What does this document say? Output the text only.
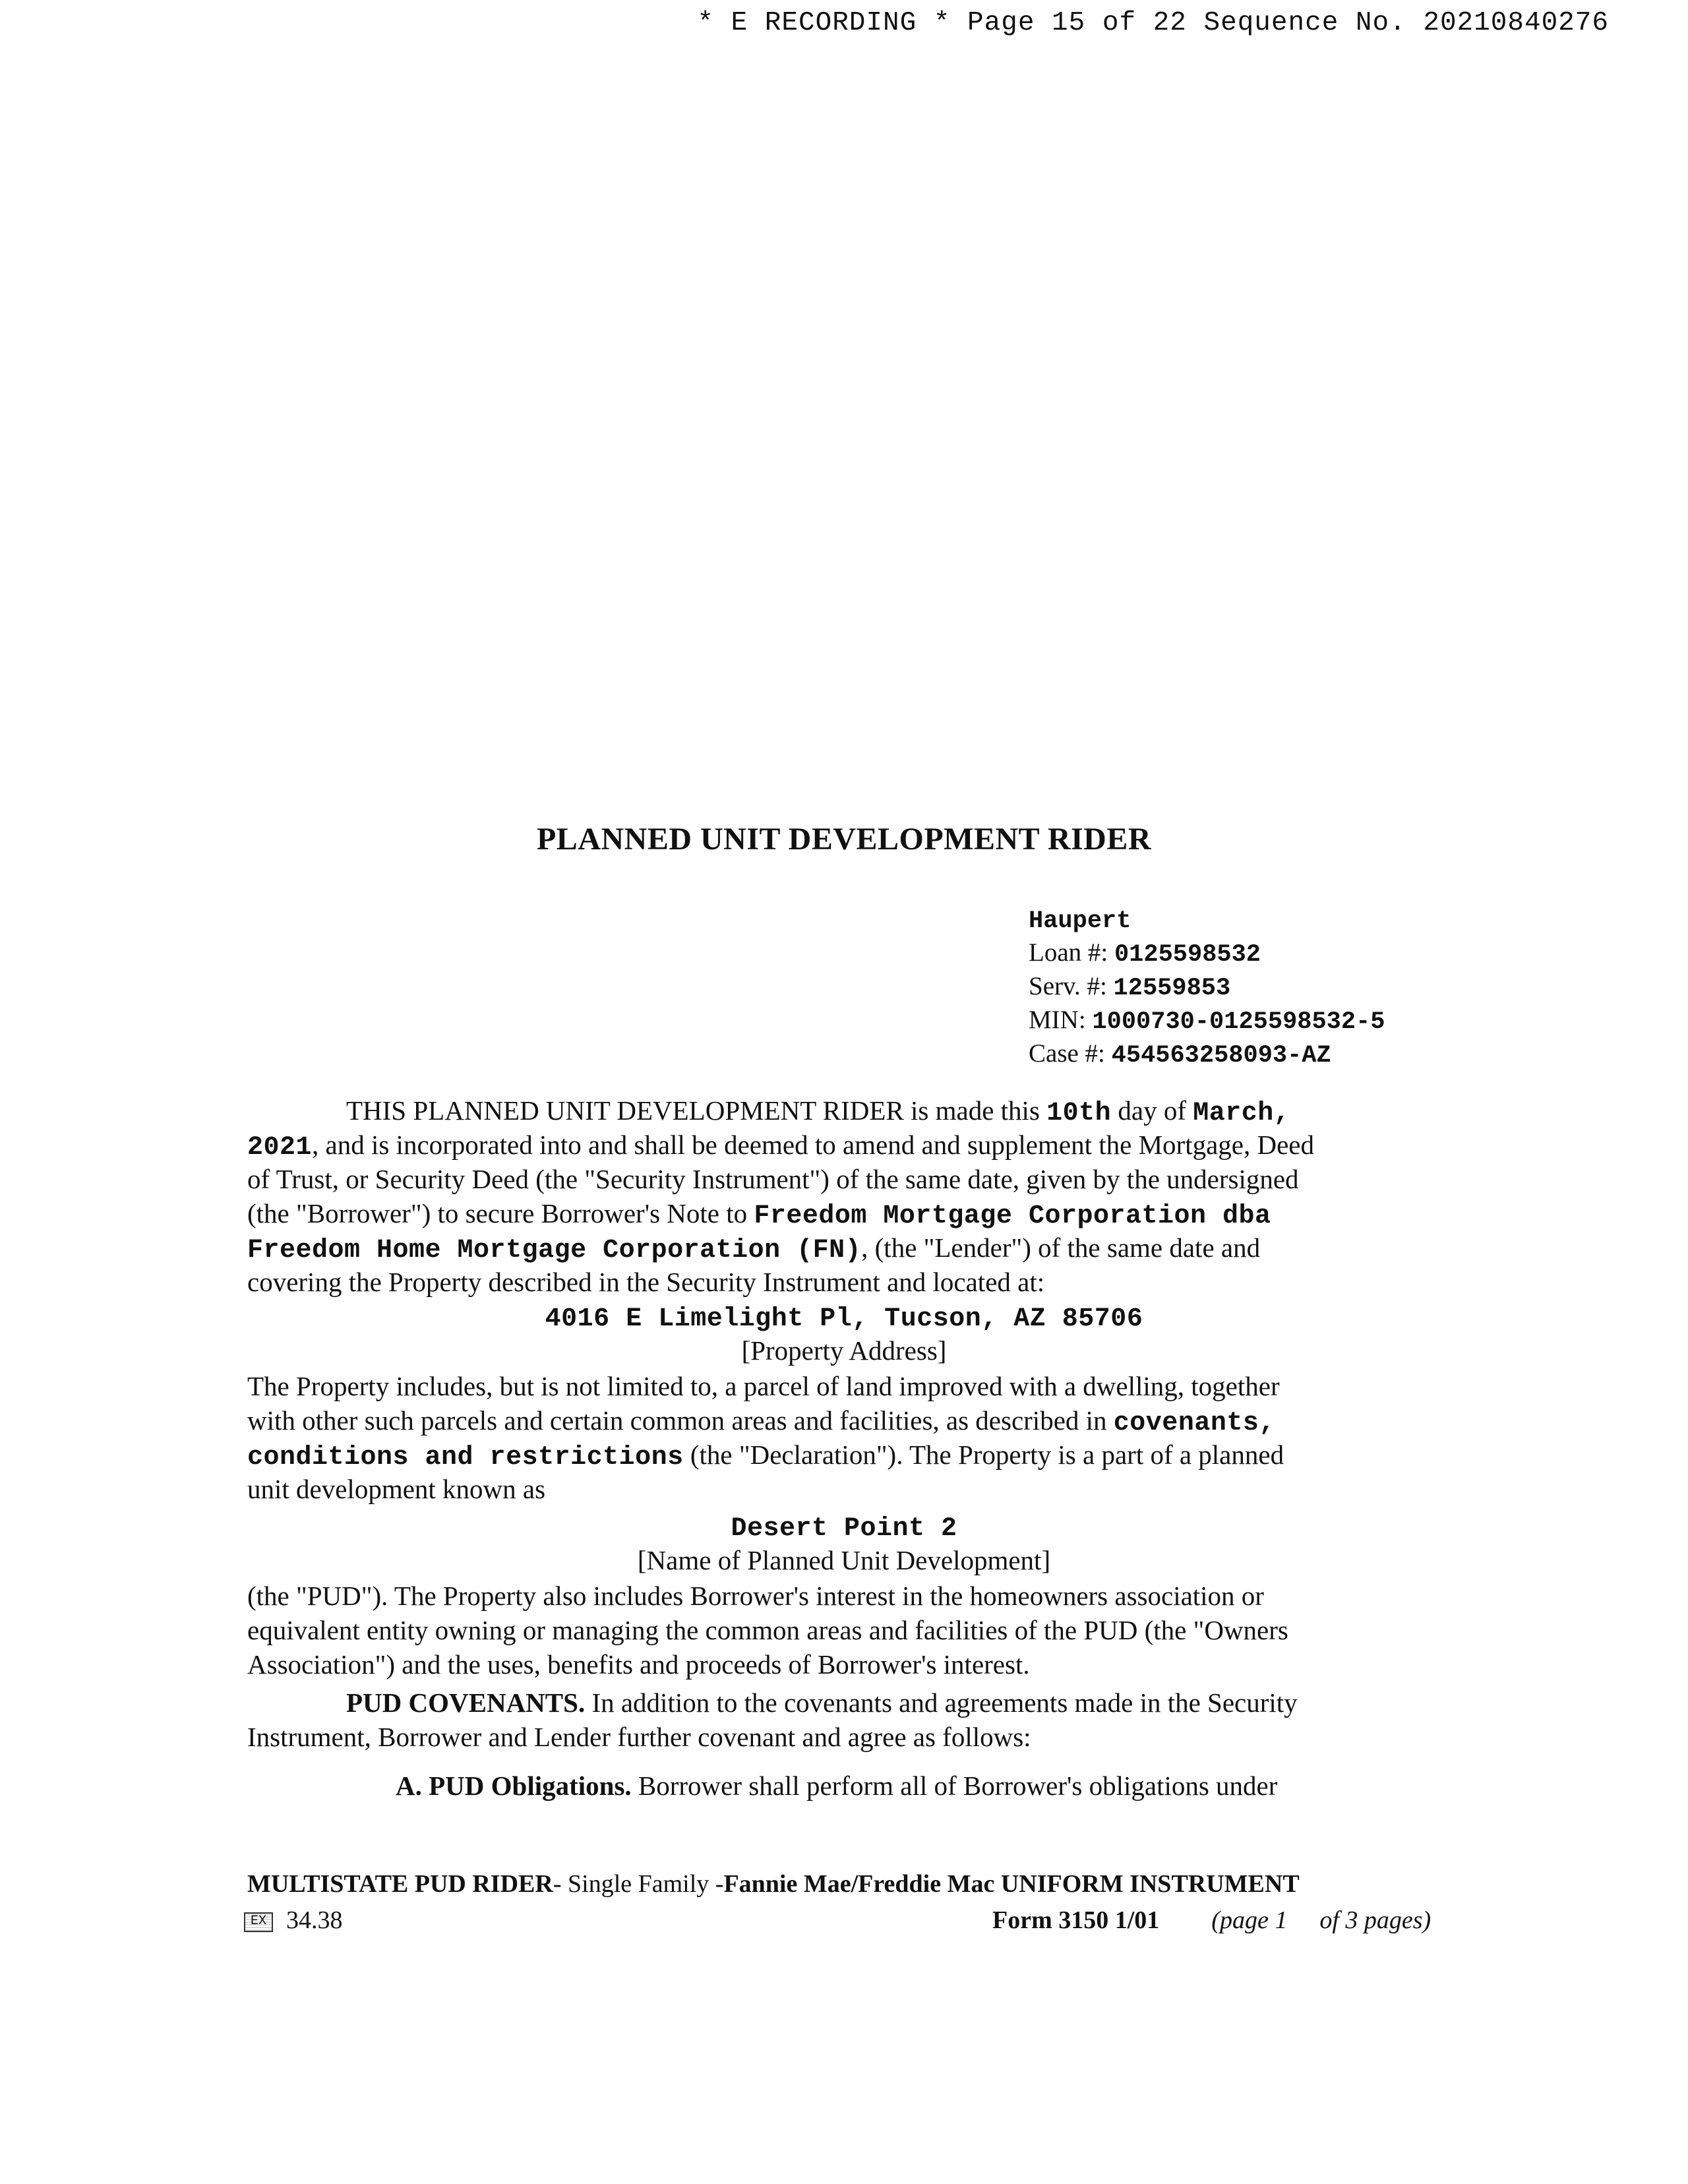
* E RECORDING * Page 15 of 22 Sequence No. 20210840276
PLANNED UNIT DEVELOPMENT RIDER
Haupert
Loan #: 0125598532
Serv. #: 12559853
MIN: 1000730-0125598532-5
Case #: 454563258093-AZ
THIS PLANNED UNIT DEVELOPMENT RIDER is made this 10th day of March,
2021, and is incorporated into and shall be deemed to amend and supplement the Mortgage, Deed
of Trust, or Security Deed (the "Security Instrument") of the same date, given by the undersigned
(the "Borrower") to secure Borrower's Note to Freedom Mortgage Corporation dba
Freedom Home Mortgage Corporation (FN), (the "Lender") of the same date and
covering the Property described in the Security Instrument and located at:
4016 E Limelight Pl, Tucson, AZ 85706
[Property Address]
The Property includes, but is not limited to, a parcel of land improved with a dwelling, together
with other such parcels and certain common areas and facilities, as described in covenants,
conditions and restrictions (the "Declaration"). The Property is a part of a planned
unit development known as
Desert Point 2
[Name of Planned Unit Development]
(the "PUD"). The Property also includes Borrower's interest in the homeowners association or
equivalent entity owning or managing the common areas and facilities of the PUD (the "Owners
Association") and the uses, benefits and proceeds of Borrower's interest.
PUD COVENANTS. In addition to the covenants and agreements made in the Security
Instrument, Borrower and Lender further covenant and agree as follows:
A. PUD Obligations. Borrower shall perform all of Borrower's obligations under
MULTISTATE PUD RIDER- Single Family -Fannie Mae/Freddie Mac UNIFORM INSTRUMENT
EX 34.38	Form 3150 1/01 (page 1 of 3 pages)
